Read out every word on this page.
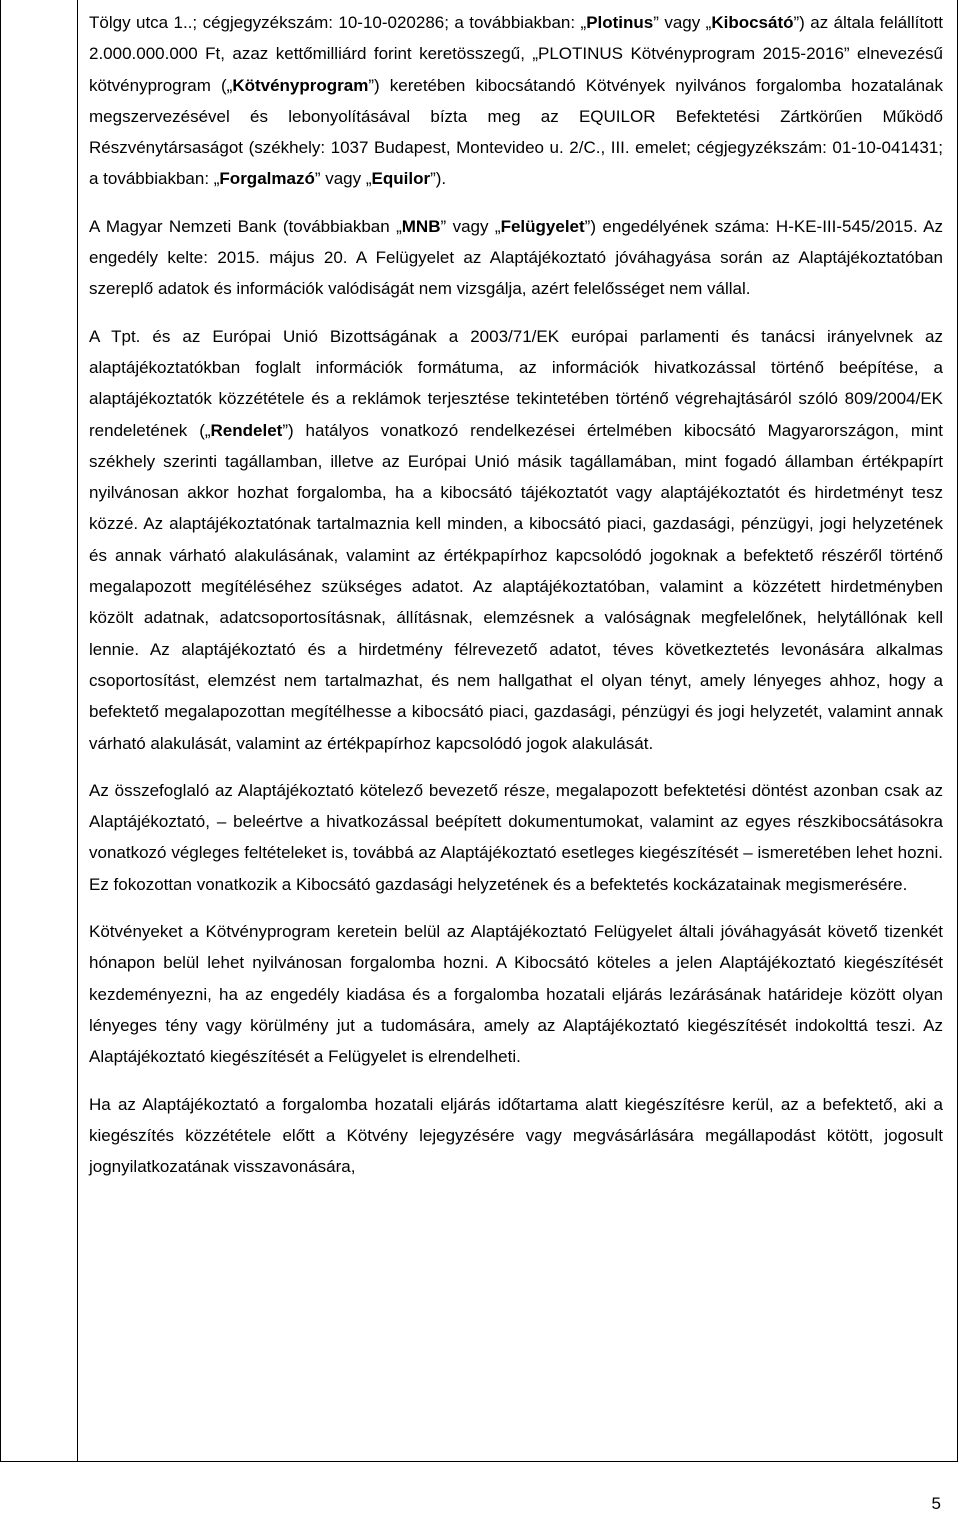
Tölgy utca 1..; cégjegyzékszám: 10-10-020286; a továbbiakban: „Plotinus” vagy „Kibocsátó”) az általa felállított 2.000.000.000 Ft, azaz kettőmilliárd forint keretösszegű, „PLOTINUS Kötvényprogram 2015-2016” elnevezésű kötvényprogram („Kötvényprogram”) keretében kibocsátandó Kötvények nyilvános forgalomba hozatalának megszervezésével és lebonyolításával bízta meg az EQUILOR Befektetési Zártkörűen Működő Részvénytársaságot (székhely: 1037 Budapest, Montevideo u. 2/C., III. emelet; cégjegyzékszám: 01-10-041431; a továbbiakban: „Forgalmazó” vagy „Equilor”).

A Magyar Nemzeti Bank (továbbiakban „MNB” vagy „Felügyelet”) engedélyének száma: H-KE-III-545/2015. Az engedély kelte: 2015. május 20. A Felügyelet az Alaptájékoztató jóváhagyása során az Alaptájékoztatóban szereplő adatok és információk valódiságát nem vizsgálja, azért felelősséget nem vállal.

A Tpt. és az Európai Unió Bizottságának a 2003/71/EK európai parlamenti és tanácsi irányelvnek az alaptájékoztatókban foglalt információk formátuma, az információk hivatkozással történő beépítése, a alaptájékoztatók közzététele és a reklámok terjesztése tekintetében történő végrehajtásáról szóló 809/2004/EK rendeletének („Rendelet”) hatályos vonatkozó rendelkezései értelmében kibocsátó Magyarországon, mint székhely szerinti tagállamban, illetve az Európai Unió másik tagállamában, mint fogadó államban értékpapírt nyilvánosan akkor hozhat forgalomba, ha a kibocsátó tájékoztatót vagy alaptájékoztatót és hirdetményt tesz közzé. Az alaptájékoztatónak tartalmaznia kell minden, a kibocsátó piaci, gazdasági, pénzügyi, jogi helyzetének és annak várható alakulásának, valamint az értékpapírhoz kapcsolódó jogoknak a befektető részéről történő megalapozott megítéléséhez szükséges adatot. Az alaptájékoztatóban, valamint a közzétett hirdetményben közölt adatnak, adatcsoportosításnak, állításnak, elemzésnek a valóságnak megfelelőnek, helytállónak kell lennie. Az alaptájékoztató és a hirdetmény félrevezető adatot, téves következtetés levonására alkalmas csoportosítást, elemzést nem tartalmazhat, és nem hallgathat el olyan tényt, amely lényeges ahhoz, hogy a befektető megalapozottan megítélhesse a kibocsátó piaci, gazdasági, pénzügyi és jogi helyzetét, valamint annak várható alakulását, valamint az értékpapírhoz kapcsolódó jogok alakulását.

Az összefoglaló az Alaptájékoztató kötelező bevezető része, megalapozott befektetési döntést azonban csak az Alaptájékoztató, – beleértve a hivatkozással beépített dokumentumokat, valamint az egyes részkibocsátásokra vonatkozó végleges feltételeket is, továbbá az Alaptájékoztató esetleges kiegészítését – ismeretében lehet hozni. Ez fokozottan vonatkozik a Kibocsátó gazdasági helyzetének és a befektetés kockázatainak megismerésére.

Kötvényeket a Kötvényprogram keretein belül az Alaptájékoztató Felügyelet általi jóváhagyását követő tizenkét hónapon belül lehet nyilvánosan forgalomba hozni. A Kibocsátó köteles a jelen Alaptájékoztató kiegészítését kezdeményezni, ha az engedély kiadása és a forgalomba hozatali eljárás lezárásának határideje között olyan lényeges tény vagy körülmény jut a tudomására, amely az Alaptájékoztató kiegészítését indokolttá teszi. Az Alaptájékoztató kiegészítését a Felügyelet is elrendelheti.

Ha az Alaptájékoztató a forgalomba hozatali eljárás időtartama alatt kiegészítésre kerül, az a befektető, aki a kiegészítés közzététele előtt a Kötvény lejegyzésére vagy megvásárlására megállapodást kötött, jogosult jognyilatkozatának visszavonására,

5
